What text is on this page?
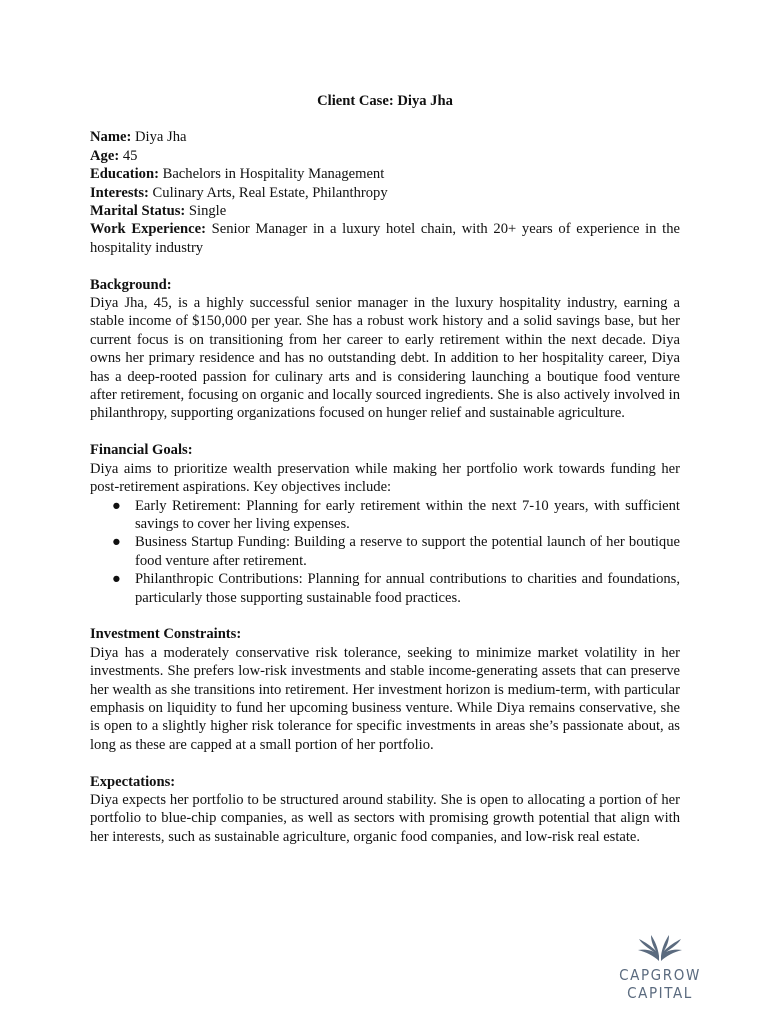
Client Case: Diya Jha

Name: Diya Jha

Age: 45

Education: Bachelors in Hospitality Management

Interests: Culinary Arts, Real Estate, Philanthropy

Marital Status: Single

Work Experience: Senior Manager in a luxury hotel chain, with 20+ years of experience in the hospitality industry

Background:

Diya Jha, 45, is a highly successful senior manager in the luxury hospitality industry, earning a stable income of $150,000 per year. She has a robust work history and a solid savings base, but her current focus is on transitioning from her career to early retirement within the next decade. Diya owns her primary residence and has no outstanding debt. In addition to her hospitality career, Diya has a deep-rooted passion for culinary arts and is considering launching a boutique food venture after retirement, focusing on organic and locally sourced ingredients. She is also actively involved in philanthropy, supporting organizations focused on hunger relief and sustainable agriculture.

Financial Goals:

Diya aims to prioritize wealth preservation while making her portfolio work towards funding her post-retirement aspirations. Key objectives include:

● Early Retirement: Planning for early retirement within the next 7-10 years, with sufficient savings to cover her living expenses.
● Business Startup Funding: Building a reserve to support the potential launch of her boutique food venture after retirement.
● Philanthropic Contributions: Planning for annual contributions to charities and foundations, particularly those supporting sustainable food practices.

Investment Constraints:

Diya has a moderately conservative risk tolerance, seeking to minimize market volatility in her investments. She prefers low-risk investments and stable income-generating assets that can preserve her wealth as she transitions into retirement. Her investment horizon is medium-term, with particular emphasis on liquidity to fund her upcoming business venture. While Diya remains conservative, she is open to a slightly higher risk tolerance for specific investments in areas she’s passionate about, as long as these are capped at a small portion of her portfolio.

Expectations:

Diya expects her portfolio to be structured around stability. She is open to allocating a portion of her portfolio to blue-chip companies, as well as sectors with promising growth potential that align with her interests, such as sustainable agriculture, organic food companies, and low-risk real estate.

CAPGROW CAPITAL
